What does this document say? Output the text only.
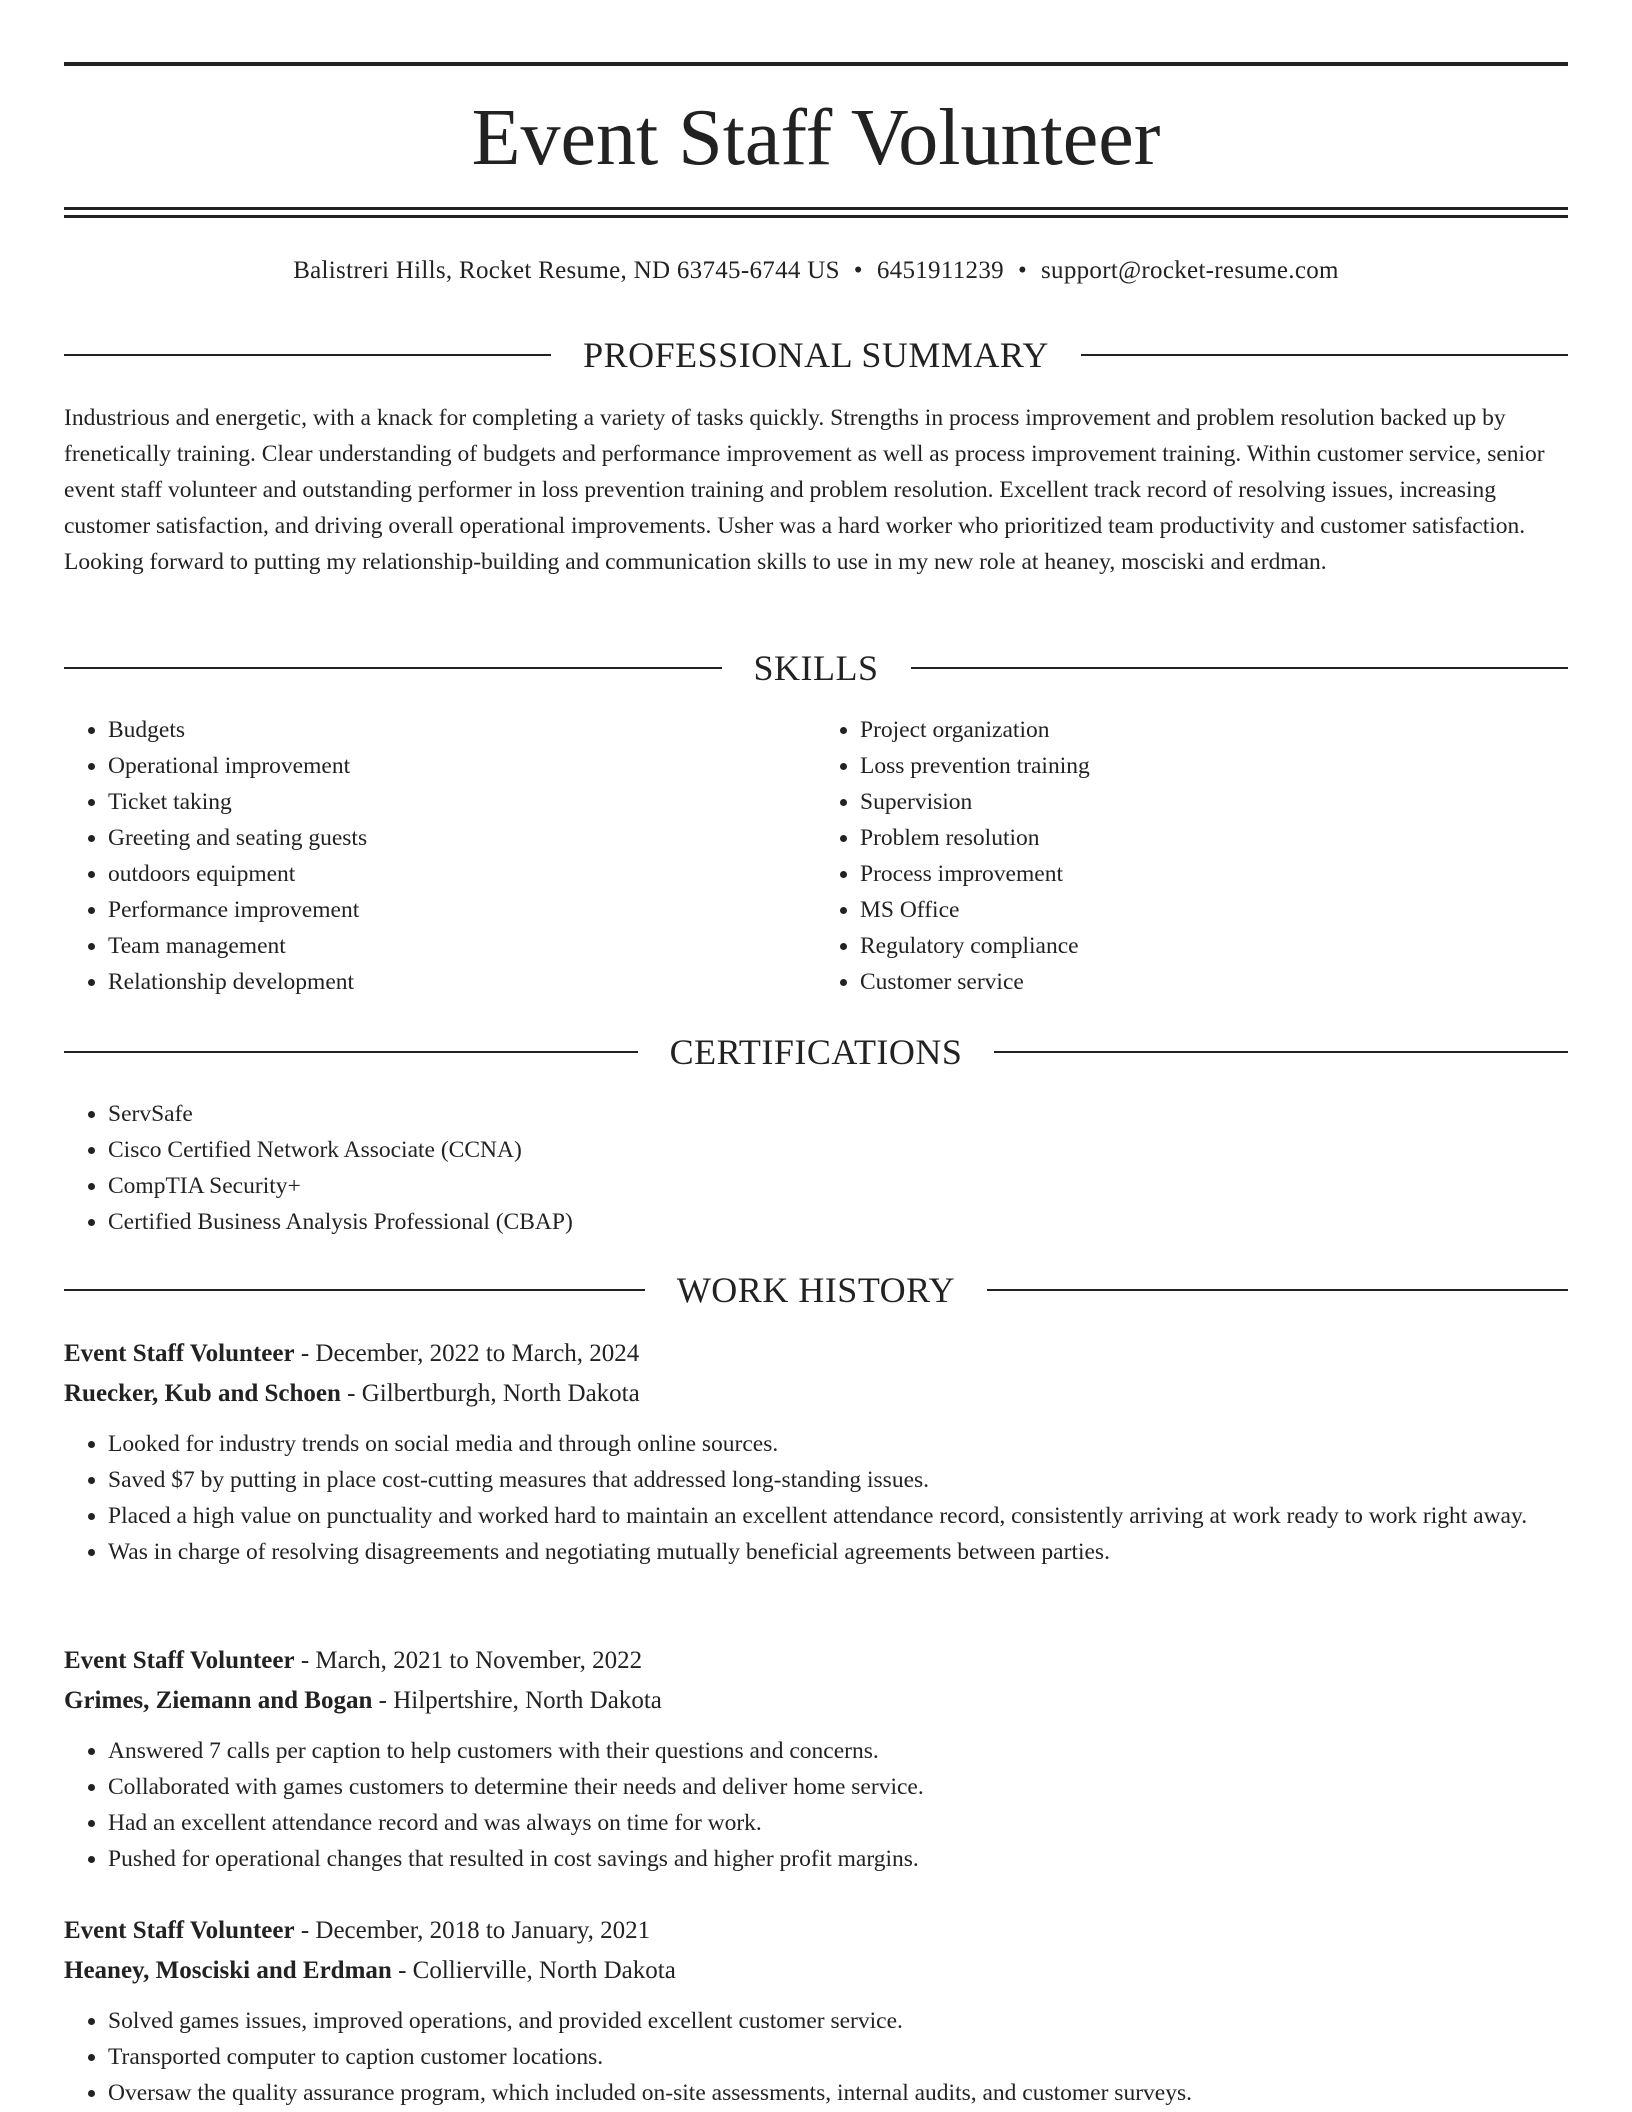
Event Staff Volunteer
Balistreri Hills, Rocket Resume, ND 63745-6744 US • 6451911239 • support@rocket-resume.com
PROFESSIONAL SUMMARY

Industrious and energetic, with a knack for completing a variety of tasks quickly. Strengths in process improvement and problem resolution backed up by frenetically training. Clear understanding of budgets and performance improvement as well as process improvement training. Within customer service, senior event staff volunteer and outstanding performer in loss prevention training and problem resolution. Excellent track record of resolving issues, increasing customer satisfaction, and driving overall operational improvements. Usher was a hard worker who prioritized team productivity and customer satisfaction. Looking forward to putting my relationship-building and communication skills to use in my new role at heaney, mosciski and erdman.

SKILLS
• Budgets
• Operational improvement
• Ticket taking
• Greeting and seating guests
• outdoors equipment
• Performance improvement
• Team management
• Relationship development
• Project organization
• Loss prevention training
• Supervision
• Problem resolution
• Process improvement
• MS Office
• Regulatory compliance
• Customer service
CERTIFICATIONS
• ServSafe
• Cisco Certified Network Associate (CCNA)
• CompTIA Security+
• Certified Business Analysis Professional (CBAP)
WORK HISTORY
Event Staff Volunteer - December, 2022 to March, 2024
Ruecker, Kub and Schoen - Gilbertburgh, North Dakota
• Looked for industry trends on social media and through online sources.
• Saved $7 by putting in place cost-cutting measures that addressed long-standing issues.
• Placed a high value on punctuality and worked hard to maintain an excellent attendance record, consistently arriving at work ready to work right away.
• Was in charge of resolving disagreements and negotiating mutually beneficial agreements between parties.
Event Staff Volunteer - March, 2021 to November, 2022
Grimes, Ziemann and Bogan - Hilpertshire, North Dakota
• Answered 7 calls per caption to help customers with their questions and concerns.
• Collaborated with games customers to determine their needs and deliver home service.
• Had an excellent attendance record and was always on time for work.
• Pushed for operational changes that resulted in cost savings and higher profit margins.
Event Staff Volunteer - December, 2018 to January, 2021
Heaney, Mosciski and Erdman - Collierville, North Dakota
• Solved games issues, improved operations, and provided excellent customer service.
• Transported computer to caption customer locations.
• Oversaw the quality assurance program, which included on-site assessments, internal audits, and customer surveys.
